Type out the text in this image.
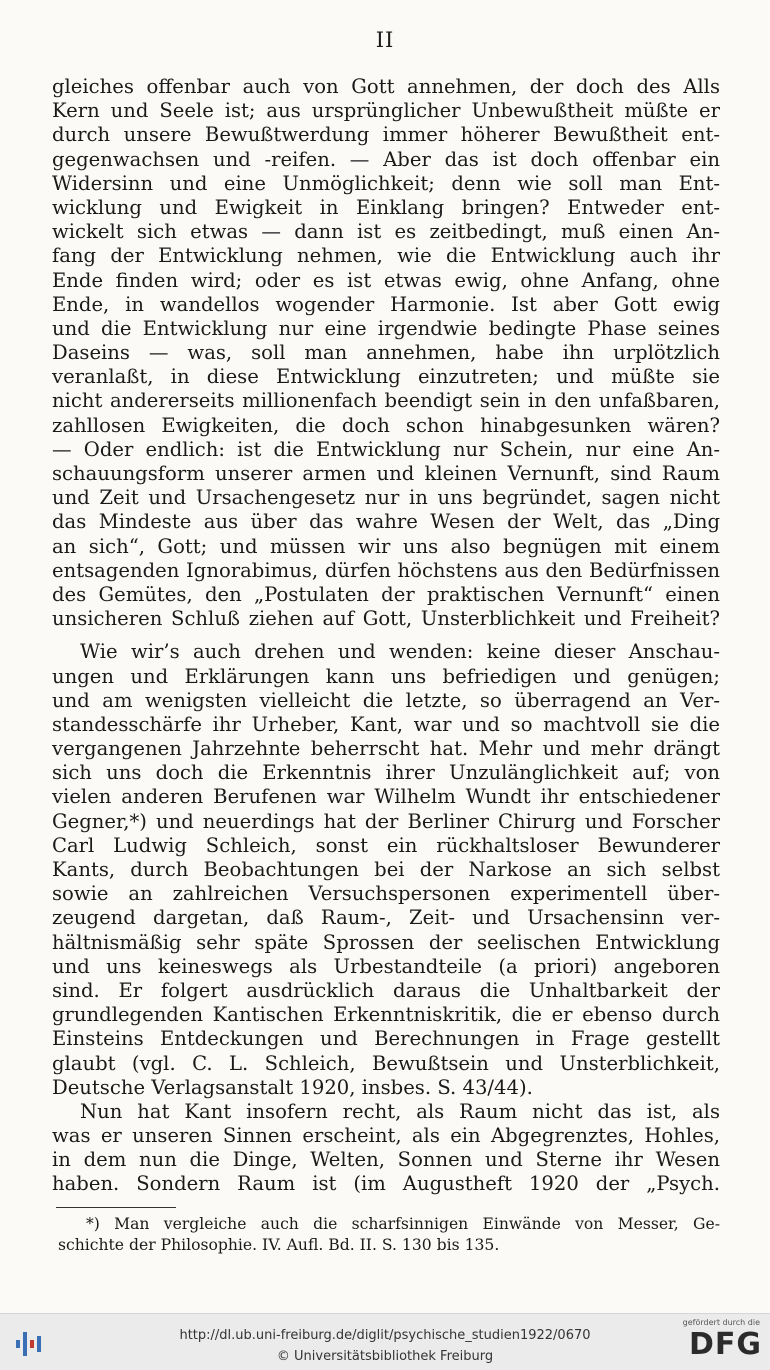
II
gleiches offenbar auch von Gott annehmen, der doch des Alls
Kern und Seele ist; aus ursprünglicher Unbewußtheit müßte er
durch unsere Bewußtwerdung immer höherer Bewußtheit ent-
gegenwachsen und -reifen. — Aber das ist doch offenbar ein
Widersinn und eine Unmöglichkeit; denn wie soll man Ent-
wicklung und Ewigkeit in Einklang bringen? Entweder ent-
wickelt sich etwas — dann ist es zeitbedingt, muß einen An-
fang der Entwicklung nehmen, wie die Entwicklung auch ihr
Ende finden wird; oder es ist etwas ewig, ohne Anfang, ohne
Ende, in wandellos wogender Harmonie. Ist aber Gott ewig
und die Entwicklung nur eine irgendwie bedingte Phase seines
Daseins — was, soll man annehmen, habe ihn urplötzlich
veranlaßt, in diese Entwicklung einzutreten; und müßte sie
nicht andererseits millionenfach beendigt sein in den unfaßbaren,
zahllosen Ewigkeiten, die doch schon hinabgesunken wären?
— Oder endlich: ist die Entwicklung nur Schein, nur eine An-
schauungsform unserer armen und kleinen Vernunft, sind Raum
und Zeit und Ursachengesetz nur in uns begründet, sagen nicht
das Mindeste aus über das wahre Wesen der Welt, das „Ding
an sich“, Gott; und müssen wir uns also begnügen mit einem
entsagenden Ignorabimus, dürfen höchstens aus den Bedürfnissen
des Gemütes, den „Postulaten der praktischen Vernunft“ einen
unsicheren Schluß ziehen auf Gott, Unsterblichkeit und Freiheit?
Wie wir’s auch drehen und wenden: keine dieser Anschau-
ungen und Erklärungen kann uns befriedigen und genügen;
und am wenigsten vielleicht die letzte, so überragend an Ver-
standesschärfe ihr Urheber, Kant, war und so machtvoll sie die
vergangenen Jahrzehnte beherrscht hat. Mehr und mehr drängt
sich uns doch die Erkenntnis ihrer Unzulänglichkeit auf; von
vielen anderen Berufenen war Wilhelm Wundt ihr entschiedener
Gegner,*) und neuerdings hat der Berliner Chirurg und Forscher
Carl Ludwig Schleich, sonst ein rückhaltsloser Bewunderer
Kants, durch Beobachtungen bei der Narkose an sich selbst
sowie an zahlreichen Versuchspersonen experimentell über-
zeugend dargetan, daß Raum-, Zeit- und Ursachensinn ver-
hältnismäßig sehr späte Sprossen der seelischen Entwicklung
und uns keineswegs als Urbestandteile (a priori) angeboren
sind. Er folgert ausdrücklich daraus die Unhaltbarkeit der
grundlegenden Kantischen Erkenntniskritik, die er ebenso durch
Einsteins Entdeckungen und Berechnungen in Frage gestellt
glaubt (vgl. C. L. Schleich, Bewußtsein und Unsterblichkeit,
Deutsche Verlagsanstalt 1920, insbes. S. 43/44).
Nun hat Kant insofern recht, als Raum nicht das ist, als
was er unseren Sinnen erscheint, als ein Abgegrenztes, Hohles,
in dem nun die Dinge, Welten, Sonnen und Sterne ihr Wesen
haben. Sondern Raum ist (im Augustheft 1920 der „Psych.
*) Man vergleiche auch die scharfsinnigen Einwände von Messer, Ge-
schichte der Philosophie. IV. Aufl. Bd. II. S. 130 bis 135.
http://dl.ub.uni-freiburg.de/diglit/psychische_studien1922/0670
© Universitätsbibliothek Freiburg
gefördert durch die
DFG
